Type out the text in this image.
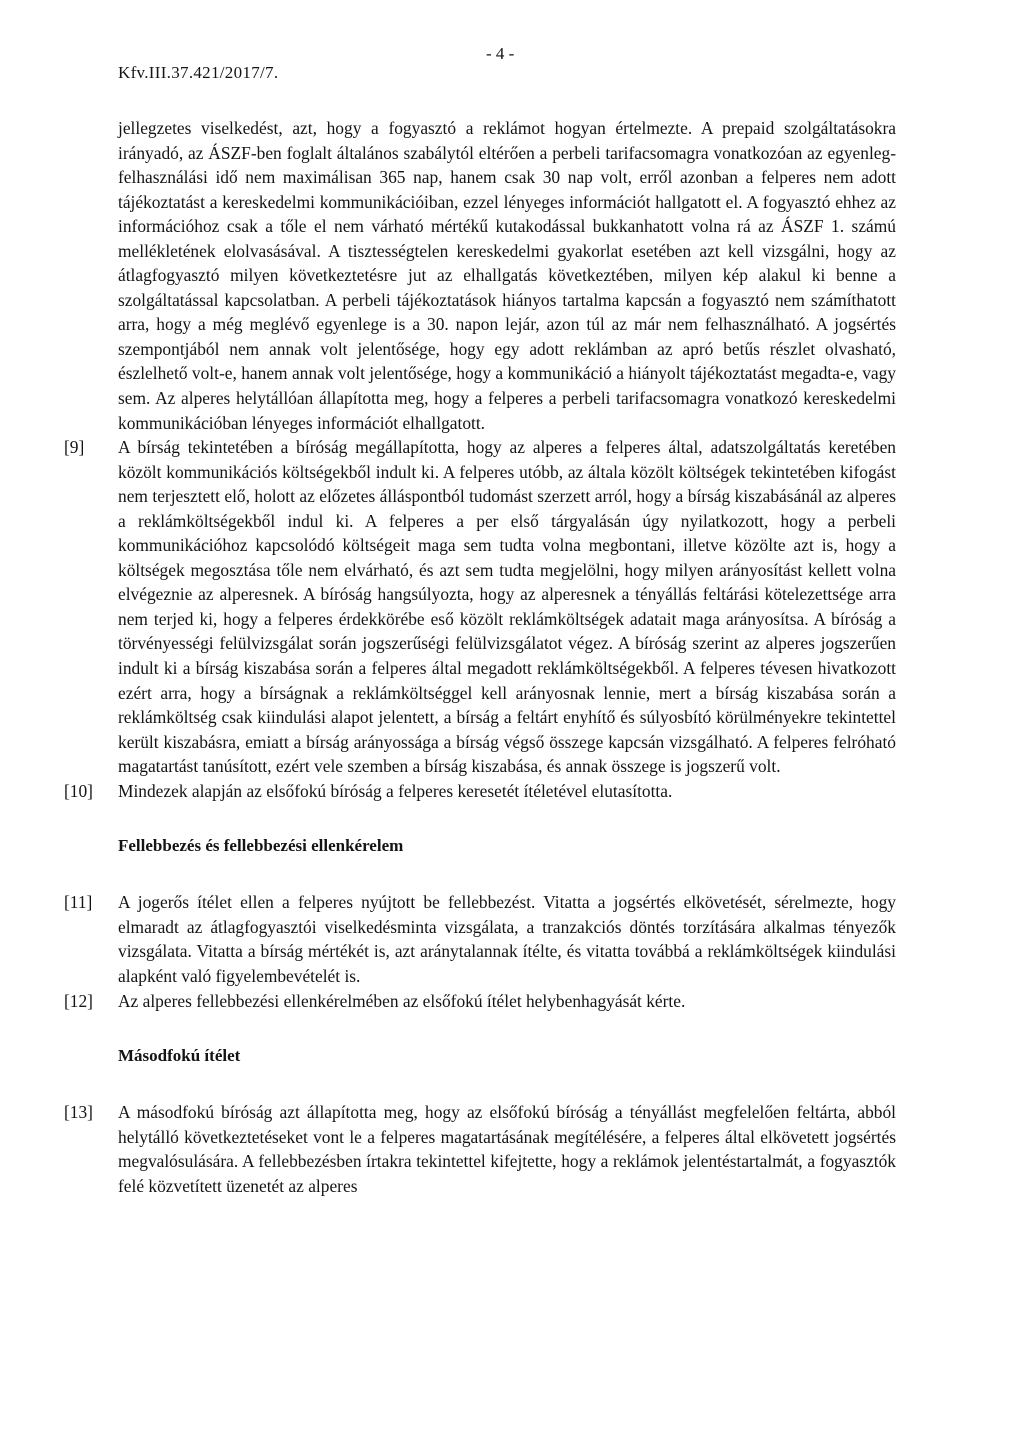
Kfv.III.37.421/2017/7.
- 4 -
jellegzetes viselkedést, azt, hogy a fogyasztó a reklámot hogyan értelmezte. A prepaid szolgáltatásokra irányadó, az ÁSZF-ben foglalt általános szabálytól eltérően a perbeli tarifacsomagra vonatkozóan az egyenleg-felhasználási idő nem maximálisan 365 nap, hanem csak 30 nap volt, erről azonban a felperes nem adott tájékoztatást a kereskedelmi kommunikációiban, ezzel lényeges információt hallgatott el. A fogyasztó ehhez az információhoz csak a tőle el nem várható mértékű kutakodással bukkanhatott volna rá az ÁSZF 1. számú mellékletének elolvasásával. A tisztességtelen kereskedelmi gyakorlat esetében azt kell vizsgálni, hogy az átlagfogyasztó milyen következtetésre jut az elhallgatás következtében, milyen kép alakul ki benne a szolgáltatással kapcsolatban. A perbeli tájékoztatások hiányos tartalma kapcsán a fogyasztó nem számíthatott arra, hogy a még meglévő egyenlege is a 30. napon lejár, azon túl az már nem felhasználható. A jogsértés szempontjából nem annak volt jelentősége, hogy egy adott reklámban az apró betűs részlet olvasható, észlelhető volt-e, hanem annak volt jelentősége, hogy a kommunikáció a hiányolt tájékoztatást megadta-e, vagy sem. Az alperes helytállóan állapította meg, hogy a felperes a perbeli tarifacsomagra vonatkozó kereskedelmi kommunikációban lényeges információt elhallgatott.
[9] A bírság tekintetében a bíróság megállapította, hogy az alperes a felperes által, adatszolgáltatás keretében közölt kommunikációs költségekből indult ki. A felperes utóbb, az általa közölt költségek tekintetében kifogást nem terjesztett elő, holott az előzetes álláspontból tudomást szerzett arról, hogy a bírság kiszabásánál az alperes a reklámköltségekből indul ki. A felperes a per első tárgyalásán úgy nyilatkozott, hogy a perbeli kommunikációhoz kapcsolódó költségeit maga sem tudta volna megbontani, illetve közölte azt is, hogy a költségek megosztása tőle nem elvárható, és azt sem tudta megjelölni, hogy milyen arányosítást kellett volna elvégeznie az alperesnek. A bíróság hangsúlyozta, hogy az alperesnek a tényállás feltárási kötelezettsége arra nem terjed ki, hogy a felperes érdekkörébe eső közölt reklámköltségek adatait maga arányosítsa. A bíróság a törvényességi felülvizsgálat során jogszerűségi felülvizsgálatot végez. A bíróság szerint az alperes jogszerűen indult ki a bírság kiszabása során a felperes által megadott reklámköltségekből. A felperes tévesen hivatkozott ezért arra, hogy a bírságnak a reklámköltséggel kell arányosnak lennie, mert a bírság kiszabása során a reklámköltség csak kiindulási alapot jelentett, a bírság a feltárt enyhítő és súlyosbító körülményekre tekintettel került kiszabásra, emiatt a bírság arányossága a bírság végső összege kapcsán vizsgálható. A felperes felróható magatartást tanúsított, ezért vele szemben a bírság kiszabása, és annak összege is jogszerű volt.
[10] Mindezek alapján az elsőfokú bíróság a felperes keresetét ítéletével elutasította.
Fellebbezés és fellebbezési ellenkérelem
[11] A jogerős ítélet ellen a felperes nyújtott be fellebbezést. Vitatta a jogsértés elkövetését, sérelmezte, hogy elmaradt az átlagfogyasztói viselkedésminta vizsgálata, a tranzakciós döntés torzítására alkalmas tényezők vizsgálata. Vitatta a bírság mértékét is, azt aránytalannak ítélte, és vitatta továbbá a reklámköltségek kiindulási alapként való figyelembevételét is.
[12] Az alperes fellebbezési ellenkérelmében az elsőfokú ítélet helybenhagyását kérte.
Másodfokú ítélet
[13] A másodfokú bíróság azt állapította meg, hogy az elsőfokú bíróság a tényállást megfelelően feltárta, abból helytálló következtetéseket vont le a felperes magatartásának megítélésére, a felperes által elkövetett jogsértés megvalósulására. A fellebbezésben írtakra tekintettel kifejtette, hogy a reklámok jelentéstartalmát, a fogyasztók felé közvetített üzenetét az alperes
